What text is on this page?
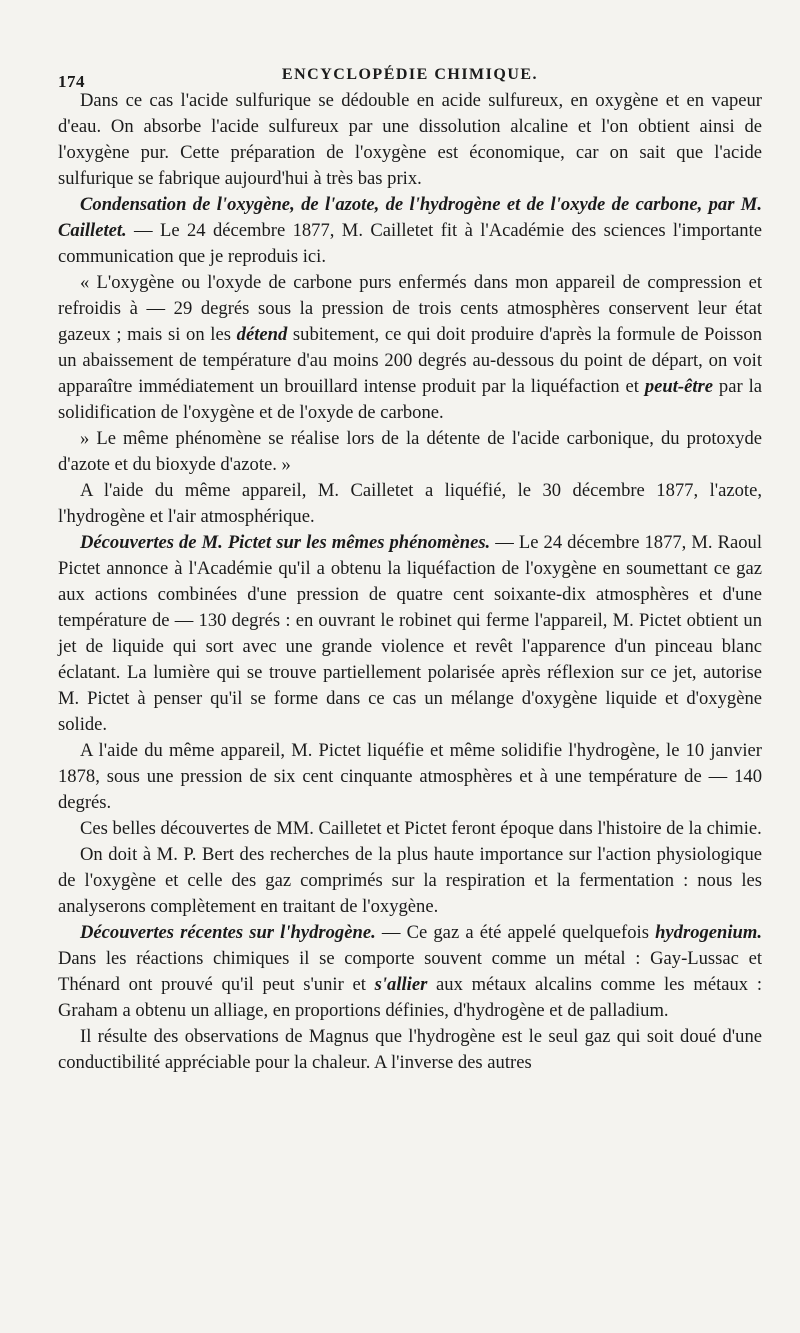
174	ENCYCLOPÉDIE CHIMIQUE.

Dans ce cas l'acide sulfurique se dédouble en acide sulfureux, en oxygène et en vapeur d'eau. On absorbe l'acide sulfureux par une dissolution alcaline et l'on obtient ainsi de l'oxygène pur. Cette préparation de l'oxygène est économique, car on sait que l'acide sulfurique se fabrique aujourd'hui à très bas prix.

Condensation de l'oxygène, de l'azote, de l'hydrogène et de l'oxyde de carbone, par M. Cailletet. — Le 24 décembre 1877, M. Cailletet fit à l'Académie des sciences l'importante communication que je reproduis ici.

« L'oxygène ou l'oxyde de carbone purs enfermés dans mon appareil de compression et refroidis à — 29 degrés sous la pression de trois cents atmosphères conservent leur état gazeux ; mais si on les détend subitement, ce qui doit produire d'après la formule de Poisson un abaissement de température d'au moins 200 degrés au-dessous du point de départ, on voit apparaître immédiatement un brouillard intense produit par la liquéfaction et peut-être par la solidification de l'oxygène et de l'oxyde de carbone.

» Le même phénomène se réalise lors de la détente de l'acide carbonique, du protoxyde d'azote et du bioxyde d'azote. »

A l'aide du même appareil, M. Cailletet a liquéfié, le 30 décembre 1877, l'azote, l'hydrogène et l'air atmosphérique.

Découvertes de M. Pictet sur les mêmes phénomènes. — Le 24 décembre 1877, M. Raoul Pictet annonce à l'Académie qu'il a obtenu la liquéfaction de l'oxygène en soumettant ce gaz aux actions combinées d'une pression de quatre cent soixante-dix atmosphères et d'une température de — 130 degrés : en ouvrant le robinet qui ferme l'appareil, M. Pictet obtient un jet de liquide qui sort avec une grande violence et revêt l'apparence d'un pinceau blanc éclatant. La lumière qui se trouve partiellement polarisée après réflexion sur ce jet, autorise M. Pictet à penser qu'il se forme dans ce cas un mélange d'oxygène liquide et d'oxygène solide.

A l'aide du même appareil, M. Pictet liquéfie et même solidifie l'hydrogène, le 10 janvier 1878, sous une pression de six cent cinquante atmosphères et à une température de — 140 degrés.

Ces belles découvertes de MM. Cailletet et Pictet feront époque dans l'histoire de la chimie.

On doit à M. P. Bert des recherches de la plus haute importance sur l'action physiologique de l'oxygène et celle des gaz comprimés sur la respiration et la fermentation : nous les analyserons complètement en traitant de l'oxygène.

Découvertes récentes sur l'hydrogène. — Ce gaz a été appelé quelquefois hydrogenium. Dans les réactions chimiques il se comporte souvent comme un métal : Gay-Lussac et Thénard ont prouvé qu'il peut s'unir et s'allier aux métaux alcalins comme les métaux : Graham a obtenu un alliage, en proportions définies, d'hydrogène et de palladium.

Il résulte des observations de Magnus que l'hydrogène est le seul gaz qui soit doué d'une conductibilité appréciable pour la chaleur. A l'inverse des autres
